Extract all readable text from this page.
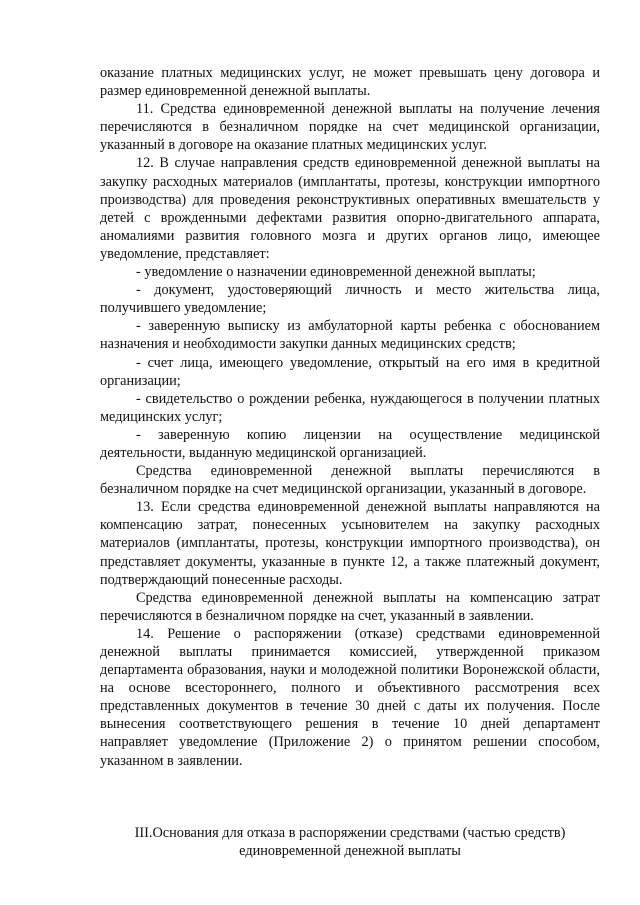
оказание платных медицинских услуг, не может превышать цену договора и размер единовременной денежной выплаты.

11. Средства единовременной денежной выплаты на получение лечения перечисляются в безналичном порядке на счет медицинской организации, указанный в договоре на оказание платных медицинских услуг.

12. В случае направления средств единовременной денежной выплаты на закупку расходных материалов (имплантаты, протезы, конструкции импортного производства) для проведения реконструктивных оперативных вмешательств у детей с врожденными дефектами развития опорно-двигательного аппарата, аномалиями развития головного мозга и других органов лицо, имеющее уведомление, представляет:

- уведомление о назначении единовременной денежной выплаты;

- документ, удостоверяющий личность и место жительства лица, получившего уведомление;

- заверенную выписку из амбулаторной карты ребенка с обоснованием назначения и необходимости закупки данных медицинских средств;

- счет лица, имеющего уведомление, открытый на его имя в кредитной организации;

- свидетельство о рождении ребенка, нуждающегося в получении платных медицинских услуг;

- заверенную копию лицензии на осуществление медицинской деятельности, выданную медицинской организацией.

Средства единовременной денежной выплаты перечисляются в безналичном порядке на счет медицинской организации, указанный в договоре.

13. Если средства единовременной денежной выплаты направляются на компенсацию затрат, понесенных усыновителем на закупку расходных материалов (имплантаты, протезы, конструкции импортного производства), он представляет документы, указанные в пункте 12, а также платежный документ, подтверждающий понесенные расходы.

Средства единовременной денежной выплаты на компенсацию затрат перечисляются в безналичном порядке на счет, указанный в заявлении.

14. Решение о распоряжении (отказе) средствами единовременной денежной выплаты принимается комиссией, утвержденной приказом департамента образования, науки и молодежной политики Воронежской области, на основе всестороннего, полного и объективного рассмотрения всех представленных документов в течение 30 дней с даты их получения. После вынесения соответствующего решения в течение 10 дней департамент направляет уведомление (Приложение 2) о принятом решении способом, указанном в заявлении.

III.Основания для отказа в распоряжении средствами (частью средств)

единовременной денежной выплаты
